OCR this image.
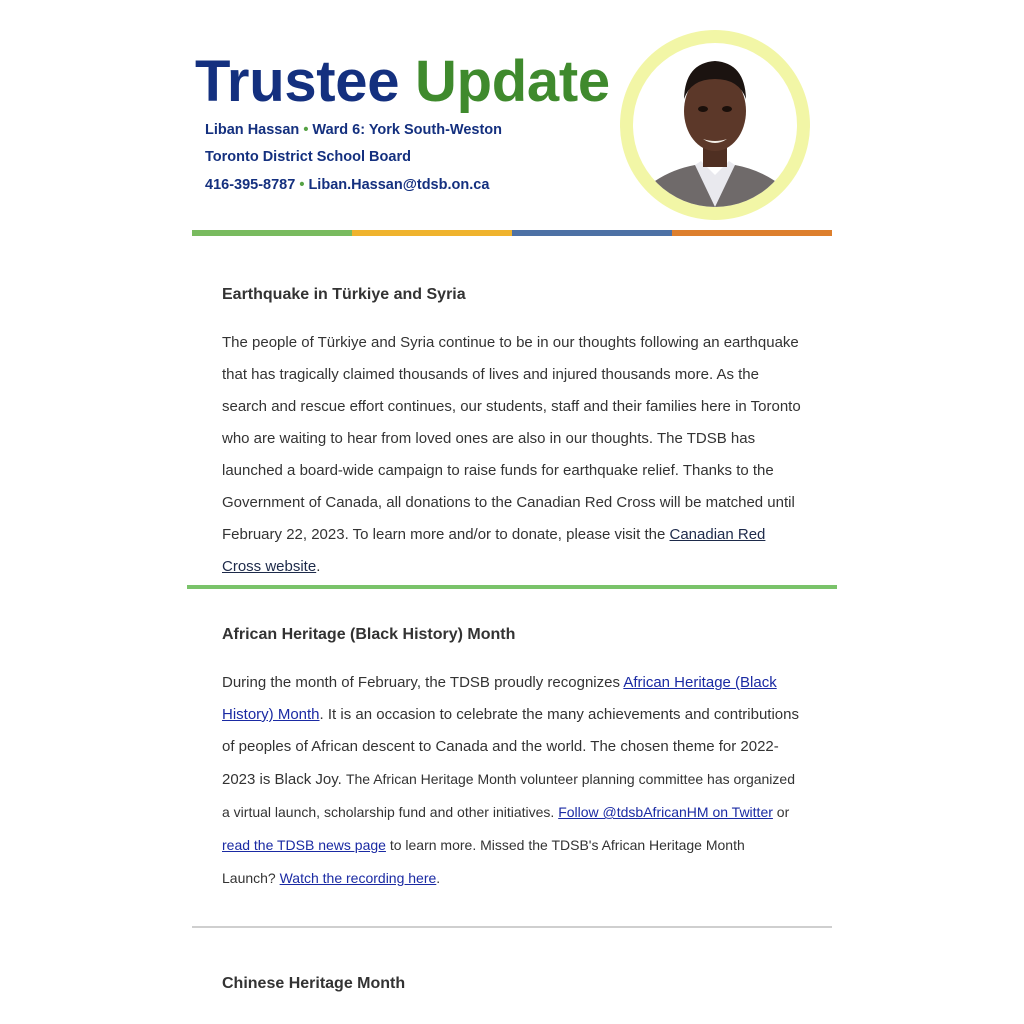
Trustee Update
Liban Hassan • Ward 6: York South-Weston
Toronto District School Board
416-395-8787 • Liban.Hassan@tdsb.on.ca
Earthquake in Türkiye and Syria

The people of Türkiye and Syria continue to be in our thoughts following an earthquake that has tragically claimed thousands of lives and injured thousands more. As the search and rescue effort continues, our students, staff and their families here in Toronto who are waiting to hear from loved ones are also in our thoughts. The TDSB has launched a board-wide campaign to raise funds for earthquake relief. Thanks to the Government of Canada, all donations to the Canadian Red Cross will be matched until February 22, 2023. To learn more and/or to donate, please visit the Canadian Red Cross website.

African Heritage (Black History) Month

During the month of February, the TDSB proudly recognizes African Heritage (Black History) Month. It is an occasion to celebrate the many achievements and contributions of peoples of African descent to Canada and the world. The chosen theme for 2022-2023 is Black Joy. The African Heritage Month volunteer planning committee has organized a virtual launch, scholarship fund and other initiatives. Follow @tdsbAfricanHM on Twitter or read the TDSB news page to learn more. Missed the TDSB's African Heritage Month Launch? Watch the recording here.

Chinese Heritage Month
